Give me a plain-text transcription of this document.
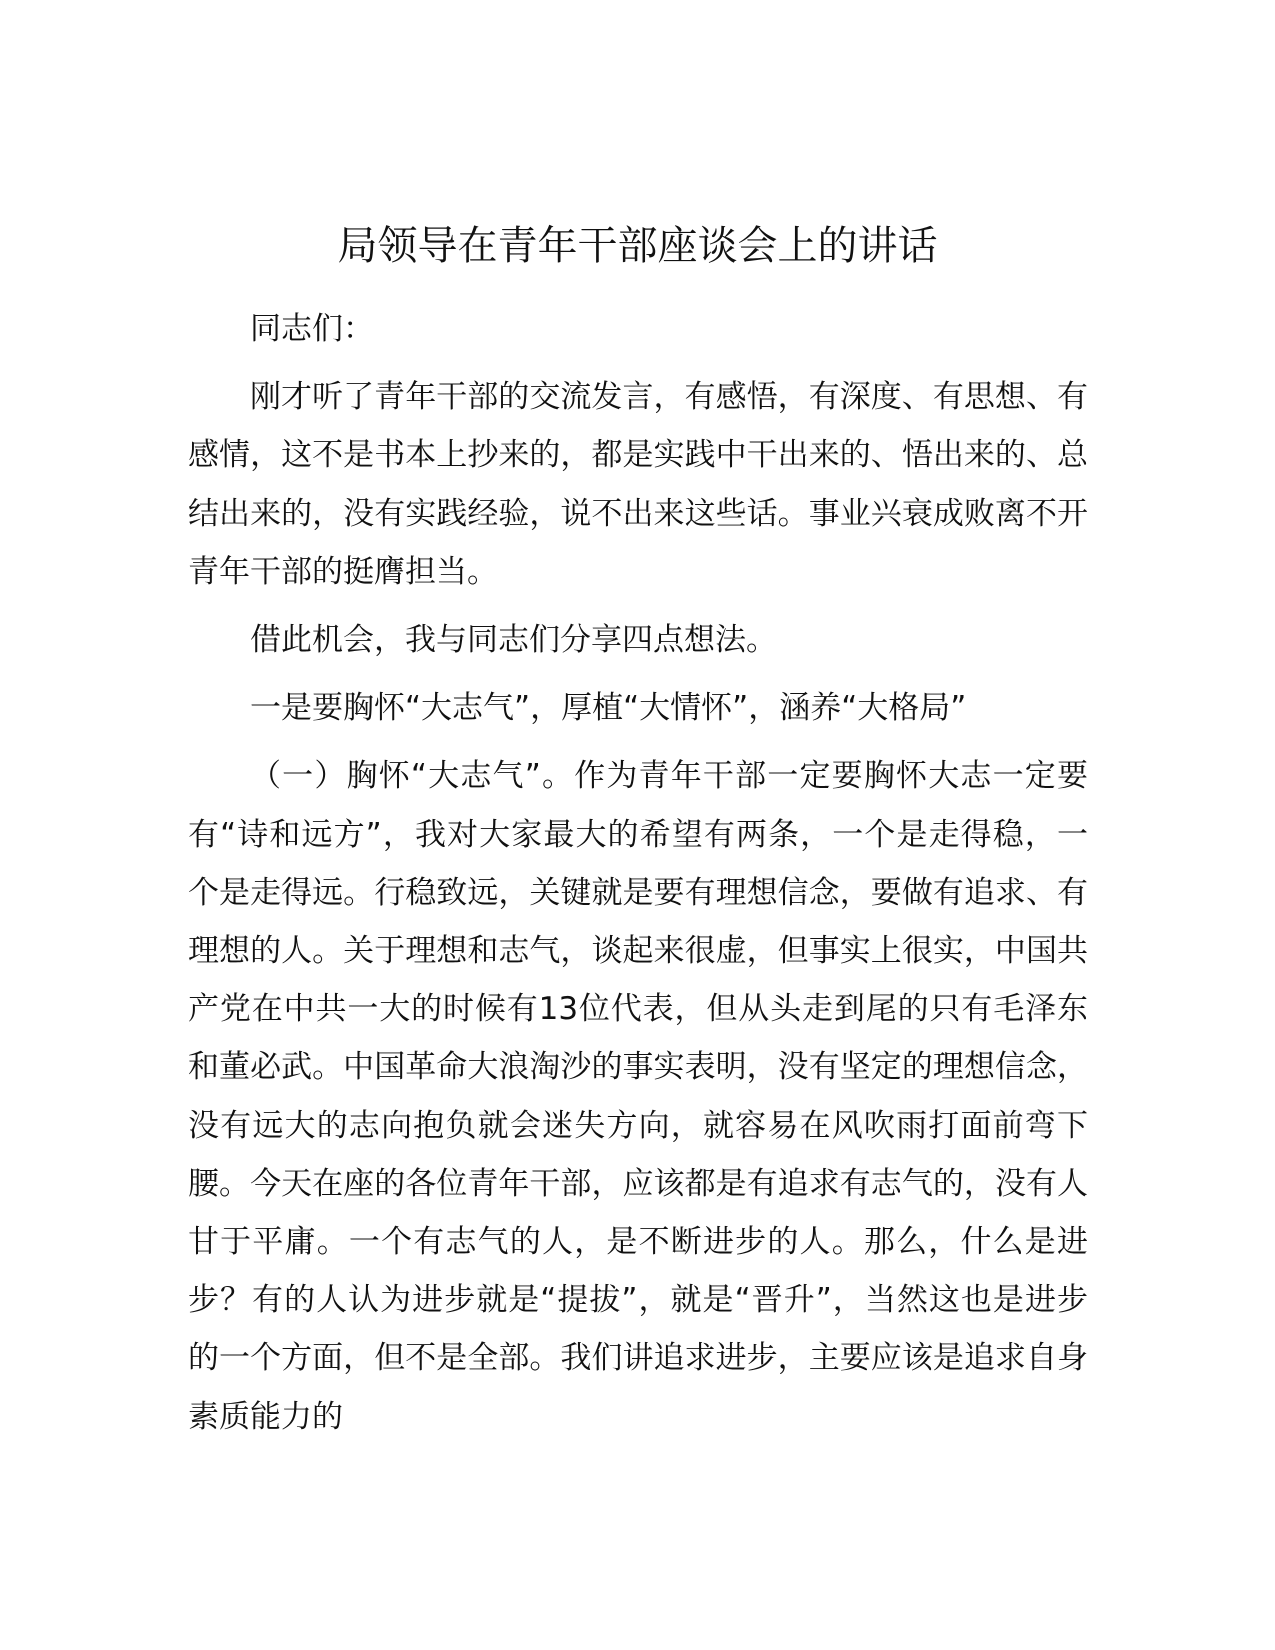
局领导在青年干部座谈会上的讲话

同志们：

刚才听了青年干部的交流发言，有感悟，有深度、有思想、有感情，这不是书本上抄来的，都是实践中干出来的、悟出来的、总结出来的，没有实践经验，说不出来这些话。事业兴衰成败离不开青年干部的挺膺担当。

借此机会，我与同志们分享四点想法。

一是要胸怀“大志气”，厚植“大情怀”，涵养“大格局”

（一）胸怀“大志气”。作为青年干部一定要胸怀大志一定要有“诗和远方”，我对大家最大的希望有两条，一个是走得稳，一个是走得远。行稳致远，关键就是要有理想信念，要做有追求、有理想的人。关于理想和志气，谈起来很虚，但事实上很实，中国共产党在中共一大的时候有13位代表，但从头走到尾的只有毛泽东和董必武。中国革命大浪淘沙的事实表明，没有坚定的理想信念，没有远大的志向抱负就会迷失方向，就容易在风吹雨打面前弯下腰。今天在座的各位青年干部，应该都是有追求有志气的，没有人甘于平庸。一个有志气的人，是不断进步的人。那么，什么是进步？有的人认为进步就是“提拔”，就是“晋升”，当然这也是进步的一个方面，但不是全部。我们讲追求进步，主要应该是追求自身素质能力的
